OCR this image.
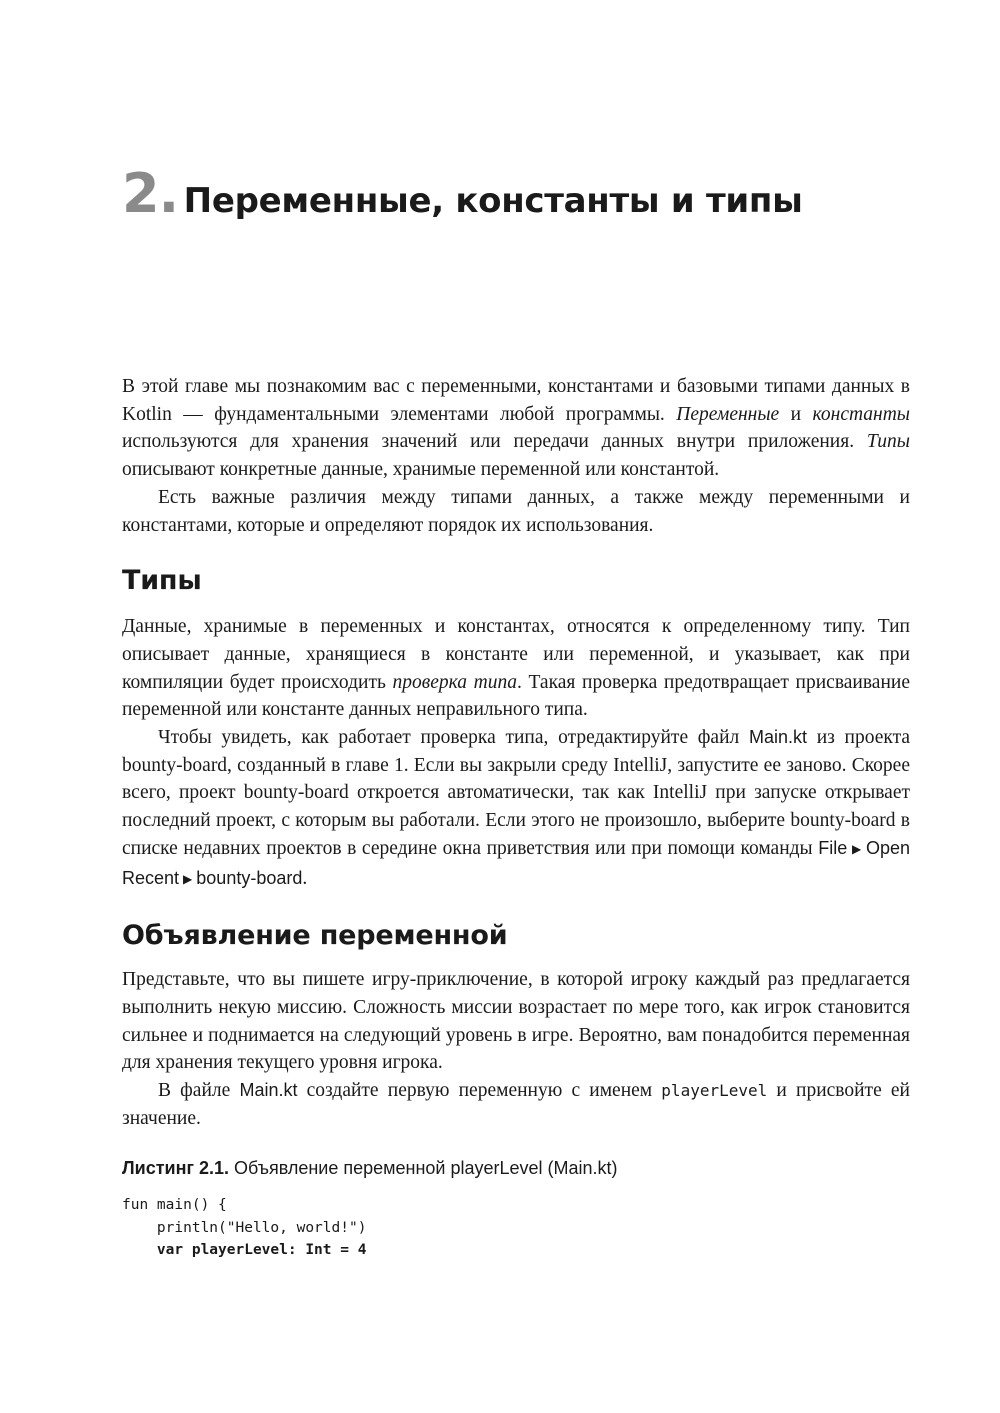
2. Переменные, константы и типы

В этой главе мы познакомим вас с переменными, константами и базовыми типами данных в Kotlin — фундаментальными элементами любой программы. Переменные и константы используются для хранения значений или передачи данных внутри приложения. Типы описывают конкретные данные, хранимые переменной или константой.

Есть важные различия между типами данных, а также между переменными и константами, которые и определяют порядок их использования.

Типы

Данные, хранимые в переменных и константах, относятся к определенному типу. Тип описывает данные, хранящиеся в константе или переменной, и указывает, как при компиляции будет происходить проверка типа. Такая проверка предотвращает присваивание переменной или константе данных неправильного типа.

Чтобы увидеть, как работает проверка типа, отредактируйте файл Main.kt из проекта bounty-board, созданный в главе 1. Если вы закрыли среду IntelliJ, запустите ее заново. Скорее всего, проект bounty-board откроется автоматически, так как IntelliJ при запуске открывает последний проект, с которым вы работали. Если этого не произошло, выберите bounty-board в списке недавних проектов в середине окна приветствия или при помощи команды File ▶ Open Recent ▶ bounty-board.

Объявление переменной

Представьте, что вы пишете игру-приключение, в которой игроку каждый раз предлагается выполнить некую миссию. Сложность миссии возрастает по мере того, как игрок становится сильнее и поднимается на следующий уровень в игре. Вероятно, вам понадобится переменная для хранения текущего уровня игрока.

В файле Main.kt создайте первую переменную с именем playerLevel и присвойте ей значение.

Листинг 2.1. Объявление переменной playerLevel (Main.kt)
fun main() {
println("Hello, world!")
var playerLevel: Int = 4
